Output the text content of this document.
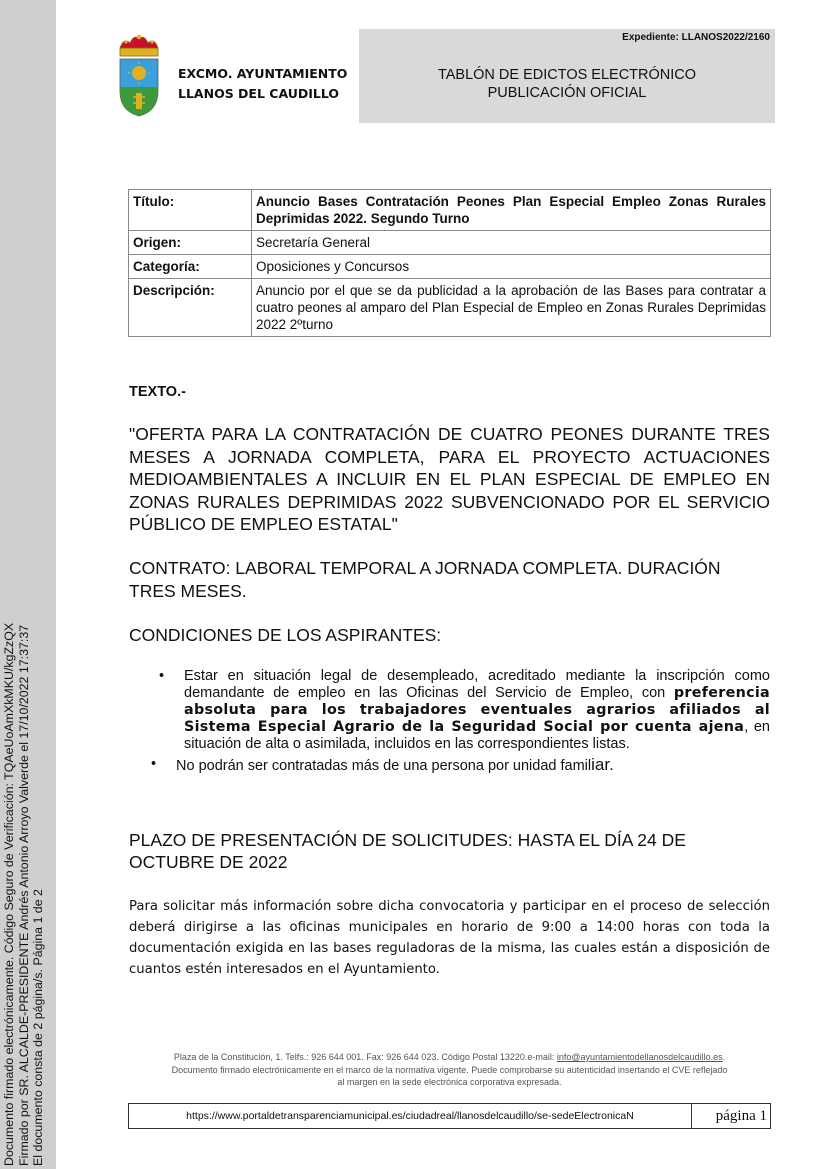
Documento firmado electrónicamente. Código Seguro de Verificación: TQAeUoAmXkMKU/kgZzQX Firmado por SR. ALCALDE-PRESIDENTE Andrés Antonio Arroyo Valverde el 17/10/2022 17:37:37 El documento consta de 2 página/s. Página 1 de 2
EXCMO. AYUNTAMIENTO
LLANOS DEL CAUDILLO
Expediente: LLANOS2022/2160
TABLÓN DE EDICTOS ELECTRÓNICO
PUBLICACIÓN OFICIAL
Título:	Anuncio Bases Contratación Peones Plan Especial Empleo Zonas Rurales Deprimidas 2022. Segundo Turno
Origen:	Secretaría General
Categoría:	Oposiciones y Concursos
Descripción:	Anuncio por el que se da publicidad a la aprobación de las Bases para contratar a cuatro peones al amparo del Plan Especial de Empleo en Zonas Rurales Deprimidas 2022 2ºturno
TEXTO.-
"OFERTA PARA LA CONTRATACIÓN DE CUATRO PEONES DURANTE TRES MESES A JORNADA COMPLETA, PARA EL PROYECTO ACTUACIONES MEDIOAMBIENTALES A INCLUIR EN EL PLAN ESPECIAL DE EMPLEO EN ZONAS RURALES DEPRIMIDAS 2022 SUBVENCIONADO POR EL SERVICIO PÚBLICO DE EMPLEO ESTATAL"
CONTRATO: LABORAL TEMPORAL A JORNADA COMPLETA. DURACIÓN TRES MESES.
CONDICIONES DE LOS ASPIRANTES:
• Estar en situación legal de desempleado, acreditado mediante la inscripción como demandante de empleo en las Oficinas del Servicio de Empleo, con preferencia absoluta para los trabajadores eventuales agrarios afiliados al Sistema Especial Agrario de la Seguridad Social por cuenta ajena, en situación de alta o asimilada, incluidos en las correspondientes listas.
• No podrán ser contratadas más de una persona por unidad familiar.
PLAZO DE PRESENTACIÓN DE SOLICITUDES: HASTA EL DÍA 24 DE OCTUBRE DE 2022
Para solicitar más información sobre dicha convocatoria y participar en el proceso de selección deberá dirigirse a las oficinas municipales en horario de 9:00 a 14:00 horas con toda la documentación exigida en las bases reguladoras de la misma, las cuales están a disposición de cuantos estén interesados en el Ayuntamiento.
Plaza de la Constitución, 1. Telfs.: 926 644 001. Fax: 926 644 023. Código Postal 13220.e-mail: info@ayuntamientodellanosdelcaudillo.es.
Documento firmado electrónicamente en el marco de la normativa vigente. Puede comprobarse su autenticidad insertando el CVE reflejado
al margen en la sede electrónica corporativa expresada.
https://www.portaldetransparenciamunicipal.es/ciudadreal/llanosdelcaudillo/se-sedeElectronicaN	página 1
